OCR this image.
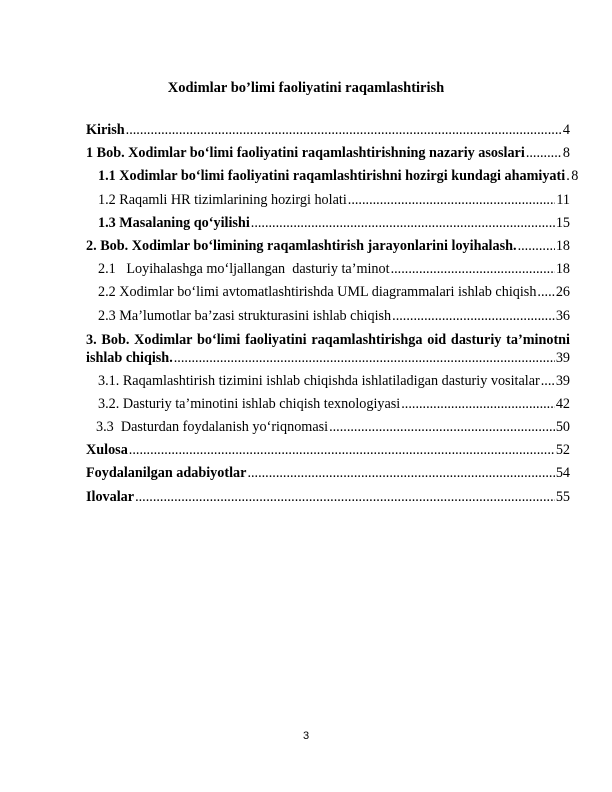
Xodimlar bo’limi faoliyatini raqamlashtirish
Kirish .....	4
1 Bob. Xodimlar bo‘limi faoliyatini raqamlashtirishning nazariy asoslari .....	8
1.1 Xodimlar bo‘limi faoliyatini raqamlashtirishni hozirgi kundagi ahamiyati ..... 8
1.2 Raqamli HR tizimlarining hozirgi holati .....	11
1.3 Masalaning qo‘yilishi .....	15
2. Bob. Xodimlar bo‘limining raqamlashtirish jarayonlarini loyihalash. .....	18
2.1   Loyihalashga mo‘ljallangan  dasturiy ta’minot .....	18
2.2 Xodimlar bo‘limi avtomatlashtirishda UML diagrammalari ishlab chiqish ..... 26
2.3 Ma’lumotlar ba’zasi strukturasini ishlab chiqish .....	36
3. Bob. Xodimlar bo‘limi faoliyatini raqamlashtirishga oid dasturiy ta’minotni
ishlab chiqish. .....	39
3.1. Raqamlashtirish tizimini ishlab chiqishda ishlatiladigan dasturiy vositalar ..... 39
3.2. Dasturiy ta’minotini ishlab chiqish texnologiyasi .....	42
3.3  Dasturdan foydalanish yo‘riqnomasi .....	50
Xulosa .....	52
Foydalanilgan adabiyotlar .....	54
Ilovalar .....	55
3
